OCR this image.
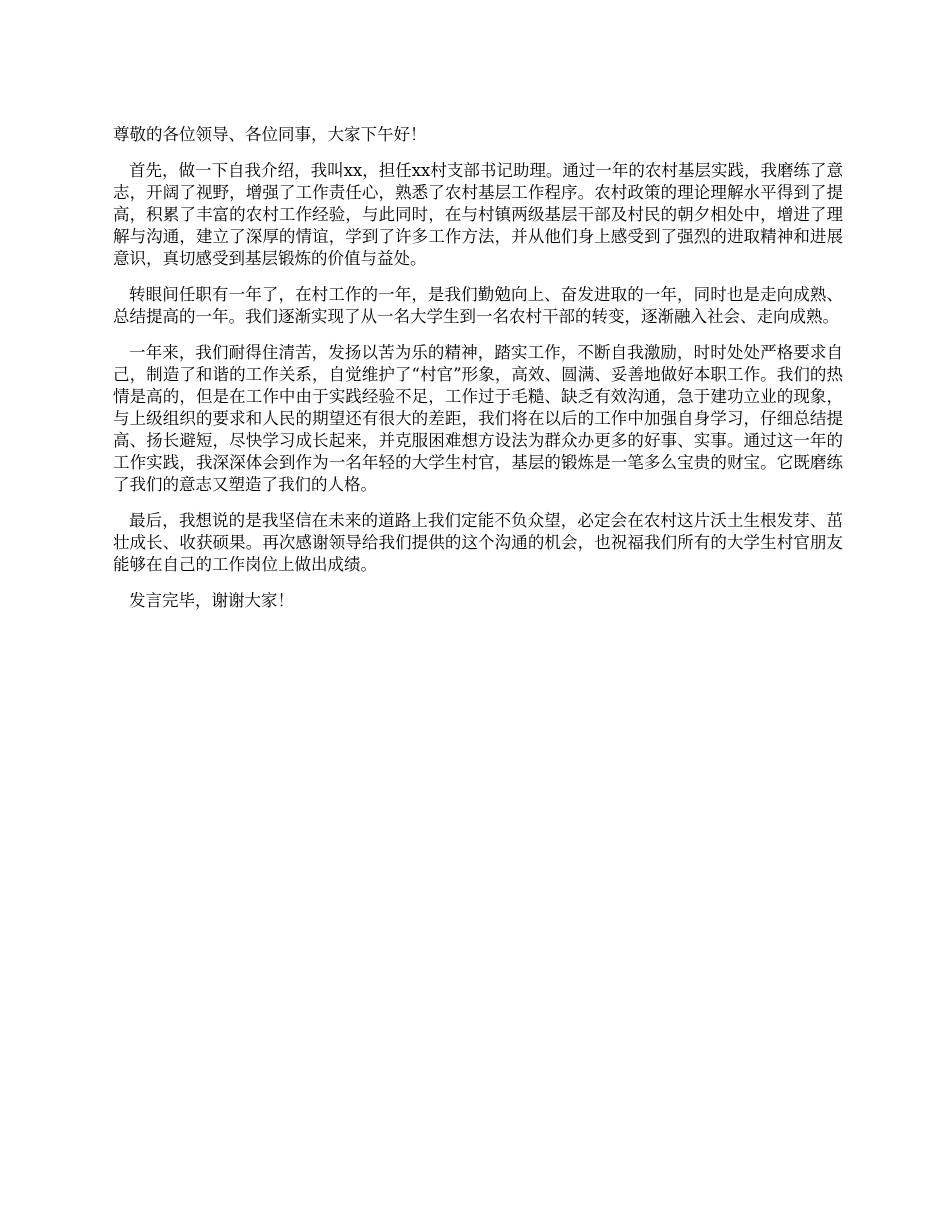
尊敬的各位领导、各位同事，大家下午好！

首先，做一下自我介绍，我叫xx，担任xx村支部书记助理。通过一年的农村基层实践，我磨练了意志，开阔了视野，增强了工作责任心，熟悉了农村基层工作程序。农村政策的理论理解水平得到了提高，积累了丰富的农村工作经验，与此同时，在与村镇两级基层干部及村民的朝夕相处中，增进了理解与沟通，建立了深厚的情谊，学到了许多工作方法，并从他们身上感受到了强烈的进取精神和进展意识，真切感受到基层锻炼的价值与益处。

转眼间任职有一年了，在村工作的一年，是我们勤勉向上、奋发进取的一年，同时也是走向成熟、总结提高的一年。我们逐渐实现了从一名大学生到一名农村干部的转变，逐渐融入社会、走向成熟。

一年来，我们耐得住清苦，发扬以苦为乐的精神，踏实工作，不断自我激励，时时处处严格要求自己，制造了和谐的工作关系，自觉维护了“村官”形象，高效、圆满、妥善地做好本职工作。我们的热情是高的，但是在工作中由于实践经验不足，工作过于毛糙、缺乏有效沟通，急于建功立业的现象，与上级组织的要求和人民的期望还有很大的差距，我们将在以后的工作中加强自身学习，仔细总结提高、扬长避短，尽快学习成长起来，并克服困难想方设法为群众办更多的好事、实事。通过这一年的工作实践，我深深体会到作为一名年轻的大学生村官，基层的锻炼是一笔多么宝贵的财宝。它既磨练了我们的意志又塑造了我们的人格。

最后，我想说的是我坚信在未来的道路上我们定能不负众望，必定会在农村这片沃土生根发芽、茁壮成长、收获硕果。再次感谢领导给我们提供的这个沟通的机会，也祝福我们所有的大学生村官朋友能够在自己的工作岗位上做出成绩。

发言完毕，谢谢大家！
